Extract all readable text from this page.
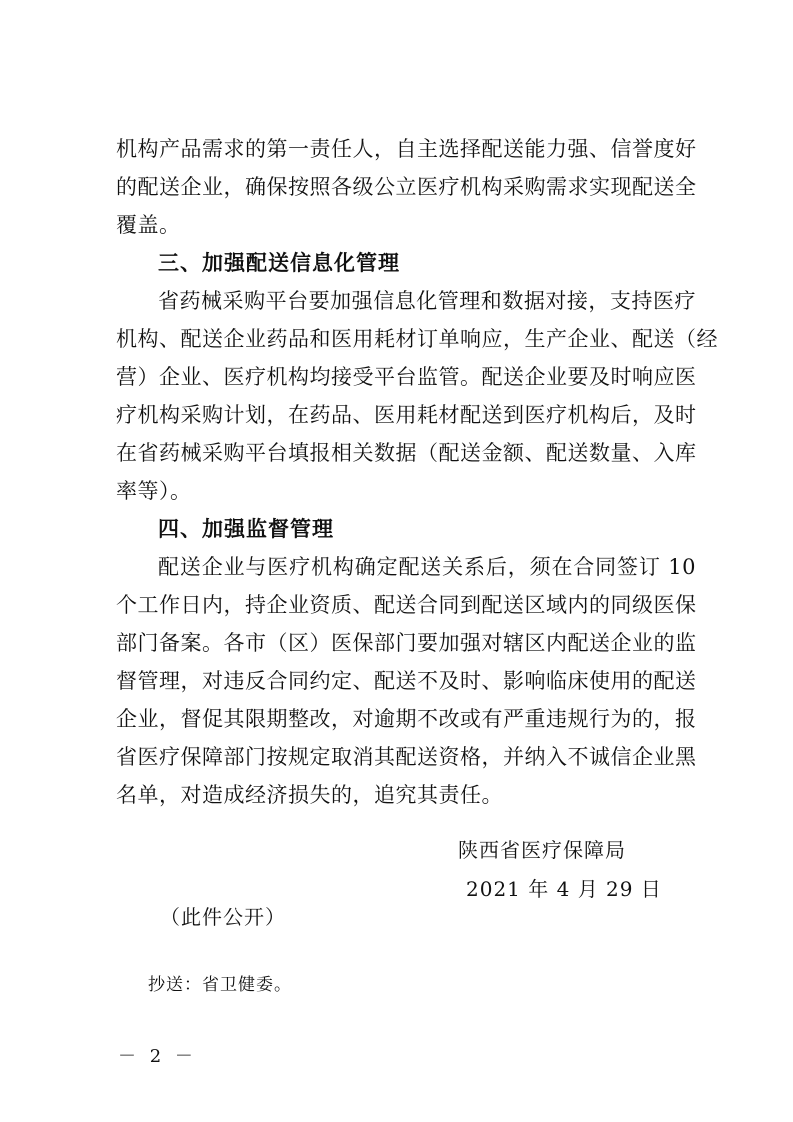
机构产品需求的第一责任人，自主选择配送能力强、信誉度好
的配送企业，确保按照各级公立医疗机构采购需求实现配送全
覆盖。
三、加强配送信息化管理
省药械采购平台要加强信息化管理和数据对接，支持医疗
机构、配送企业药品和医用耗材订单响应，生产企业、配送（经
营）企业、医疗机构均接受平台监管。配送企业要及时响应医
疗机构采购计划，在药品、医用耗材配送到医疗机构后，及时
在省药械采购平台填报相关数据（配送金额、配送数量、入库
率等）。
四、加强监督管理
配送企业与医疗机构确定配送关系后，须在合同签订 10
个工作日内，持企业资质、配送合同到配送区域内的同级医保
部门备案。各市（区）医保部门要加强对辖区内配送企业的监
督管理，对违反合同约定、配送不及时、影响临床使用的配送
企业，督促其限期整改，对逾期不改或有严重违规行为的，报
省医疗保障部门按规定取消其配送资格，并纳入不诚信企业黑
名单，对造成经济损失的，追究其责任。
陕西省医疗保障局
2021 年 4 月 29 日
（此件公开）
抄送：省卫健委。
－ 2 －
